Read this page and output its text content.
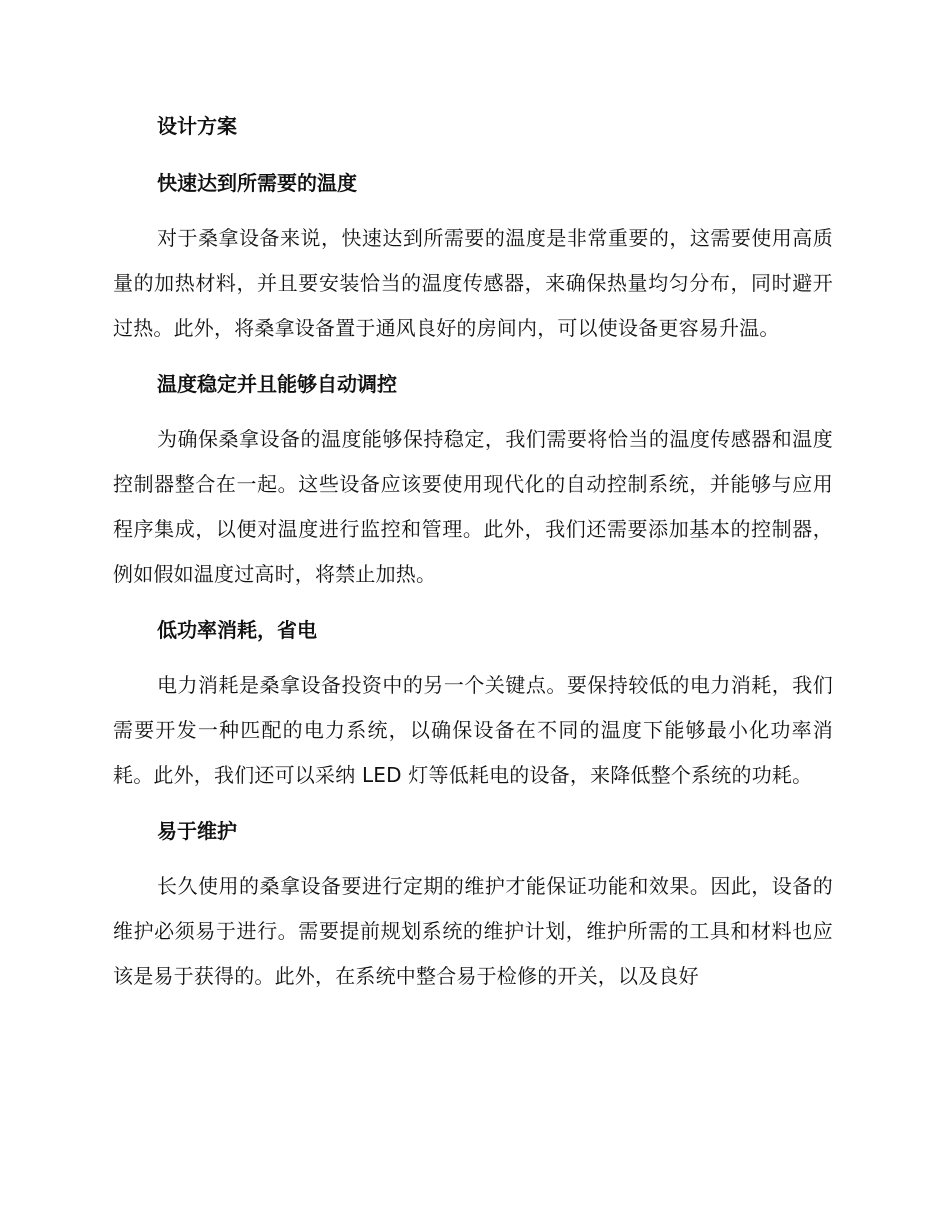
设计方案
快速达到所需要的温度

对于桑拿设备来说，快速达到所需要的温度是非常重要的，这需要使用高质量的加热材料，并且要安装恰当的温度传感器，来确保热量均匀分布，同时避开过热。此外，将桑拿设备置于通风良好的房间内，可以使设备更容易升温。

温度稳定并且能够自动调控

为确保桑拿设备的温度能够保持稳定，我们需要将恰当的温度传感器和温度控制器整合在一起。这些设备应该要使用现代化的自动控制系统，并能够与应用程序集成，以便对温度进行监控和管理。此外，我们还需要添加基本的控制器，例如假如温度过高时，将禁止加热。

低功率消耗，省电

电力消耗是桑拿设备投资中的另一个关键点。要保持较低的电力消耗，我们需要开发一种匹配的电力系统，以确保设备在不同的温度下能够最小化功率消耗。此外，我们还可以采纳 LED 灯等低耗电的设备，来降低整个系统的功耗。

易于维护

长久使用的桑拿设备要进行定期的维护才能保证功能和效果。因此，设备的维护必须易于进行。需要提前规划系统的维护计划，维护所需的工具和材料也应该是易于获得的。此外，在系统中整合易于检修的开关，以及良好
